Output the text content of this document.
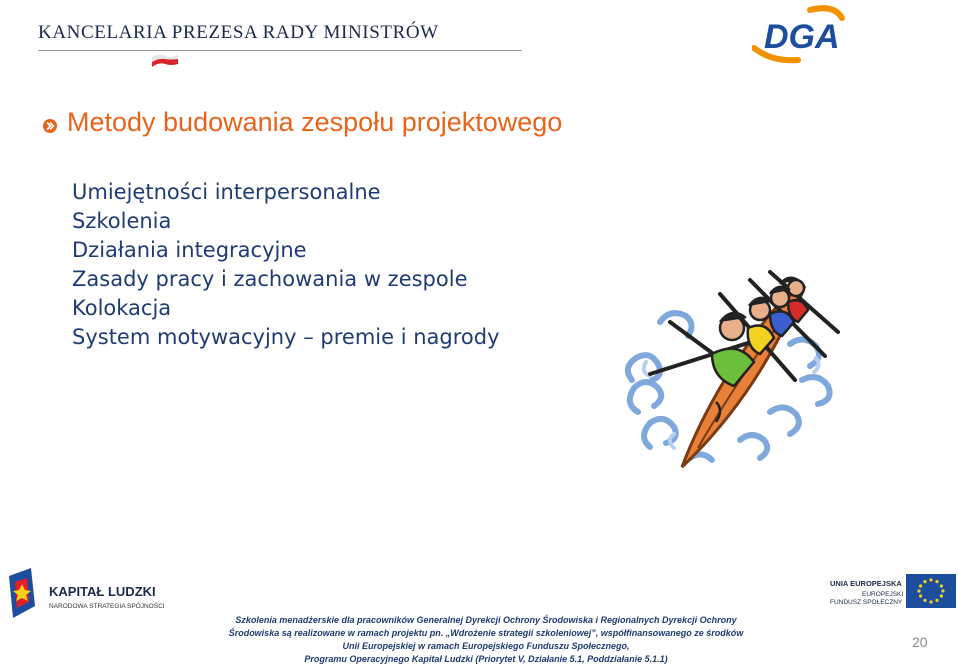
KANCELARIA PREZESA RADY MINISTRÓW	DGA
Metody budowania zespołu projektowego
Umiejętności interpersonalne
Szkolenia
Działania integracyjne
Zasady pracy i zachowania w zespole
Kolokacja
System motywacyjny – premie i nagrody
KAPITAŁ LUDZKI
NARODOWA STRATEGIA SPÓJNOŚCI
UNIA EUROPEJSKA
EUROPEJSKI
FUNDUSZ SPOŁECZNY
Szkolenia menadżerskie dla pracowników Generalnej Dyrekcji Ochrony Środowiska i Regionalnych Dyrekcji Ochrony
Środowiska są realizowane w ramach projektu pn. „Wdrożenie strategii szkoleniowej”, współfinansowanego ze środków
Unii Europejskiej w ramach Europejskiego Funduszu Społecznego,
Programu Operacyjnego Kapitał Ludzki (Priorytet V, Działanie 5.1, Poddziałanie 5.1.1)
20
